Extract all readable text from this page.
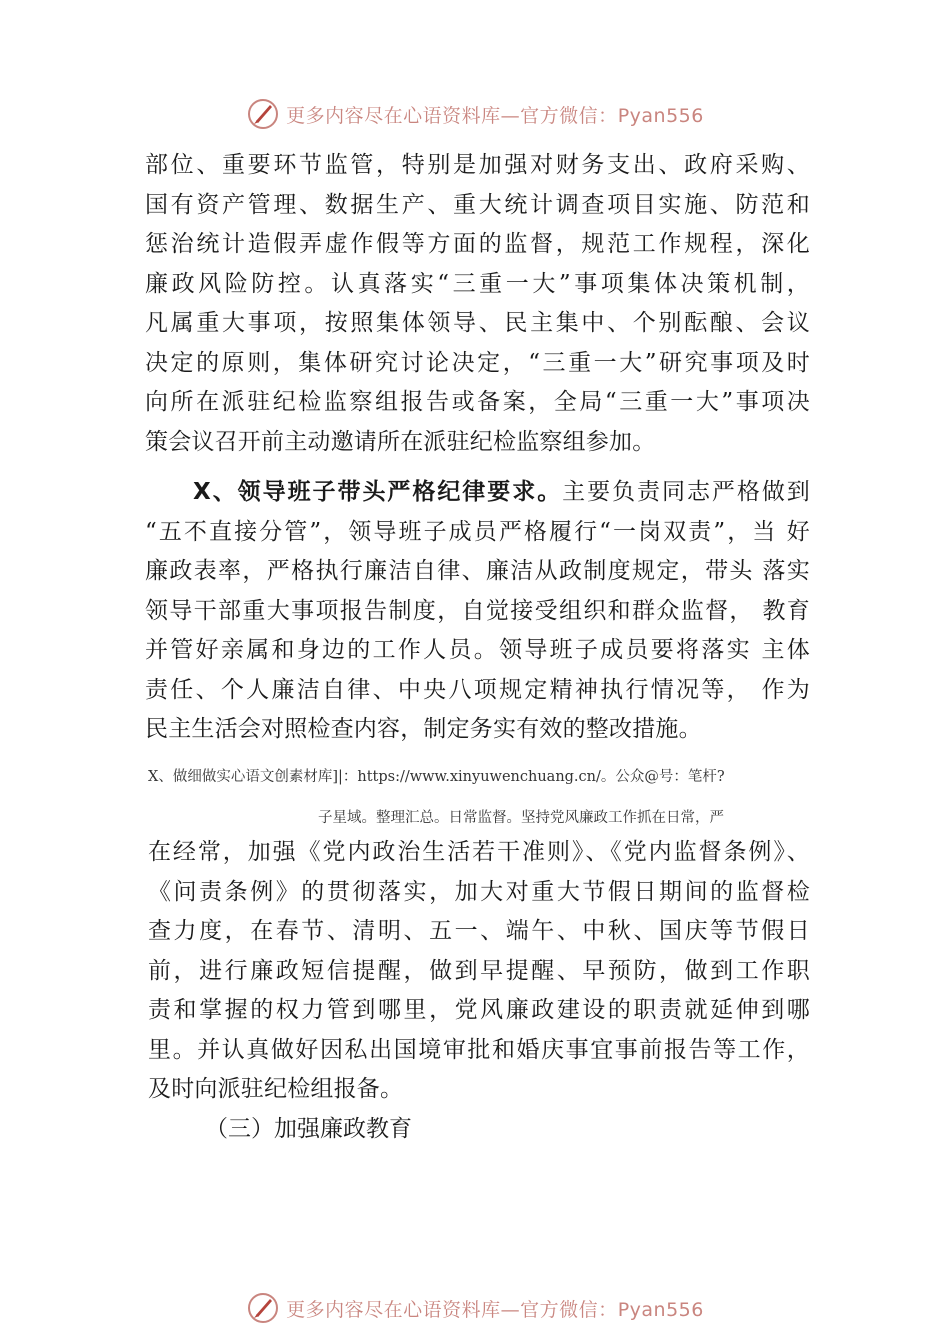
更多内容尽在心语资料库—官方微信：Pyan556
部位、重要环节监管，特别是加强对财务支出、政府采购、
国有资产管理、数据生产、重大统计调查项目实施、防范和
惩治统计造假弄虚作假等方面的监督，规范工作规程，深化
廉政风险防控。认真落实“三重一大”事项集体决策机制，
凡属重大事项，按照集体领导、民主集中、个别酝酿、会议
决定的原则，集体研究讨论决定，“三重一大”研究事项及时
向所在派驻纪检监察组报告或备案，全局“三重一大”事项决
策会议召开前主动邀请所在派驻纪检监察组参加。
X、领导班子带头严格纪律要求。主要负责同志严格做到
“五不直接分管”，领导班子成员严格履行“一岗双责”，当 好
廉政表率，严格执行廉洁自律、廉洁从政制度规定，带头 落实
领导干部重大事项报告制度，自觉接受组织和群众监督， 教育
并管好亲属和身边的工作人员。领导班子成员要将落实 主体
责任、个人廉洁自律、中央八项规定精神执行情况等， 作为
民主生活会对照检查内容，制定务实有效的整改措施。
X、做细做实心语文创素材库]|：https://www.xinyuwenchuang.cn/。公众@号：笔杆?
子星域。整理汇总。日常监督。坚持党风廉政工作抓在日常，严
在经常，加强《党内政治生活若干准则》、《党内监督条例》、
《问责条例》的贯彻落实，加大对重大节假日期间的监督检
查力度，在春节、清明、五一、端午、中秋、国庆等节假日
前，进行廉政短信提醒，做到早提醒、早预防，做到工作职
责和掌握的权力管到哪里，党风廉政建设的职责就延伸到哪
里。并认真做好因私出国境审批和婚庆事宜事前报告等工作，
及时向派驻纪检组报备。
（三）加强廉政教育
更多内容尽在心语资料库—官方微信：Pyan556
